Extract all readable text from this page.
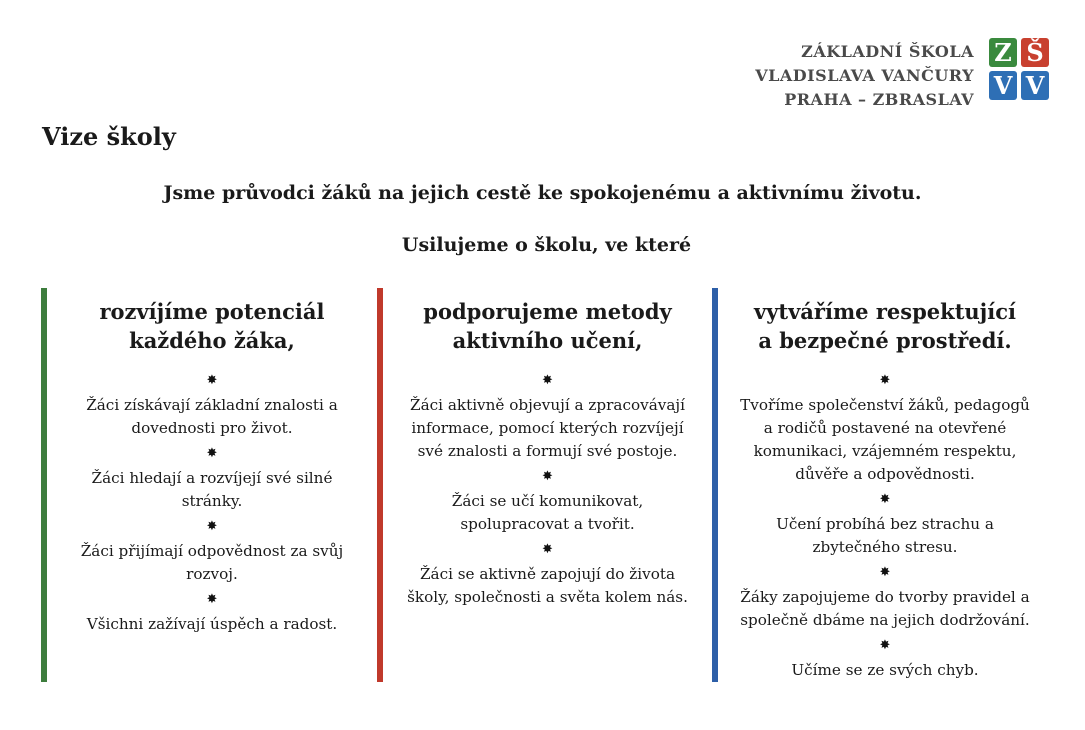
ZÁKLADNÍ ŠKOLA
VLADISLAVA VANČURY
PRAHA – ZBRASLAV
Z Š
V V
Vize školy
Jsme průvodci žáků na jejich cestě ke spokojenému a aktivnímu životu.
Usilujeme o školu, ve které
rozvíjíme potenciál
každého žáka,
✸
Žáci získávají základní znalosti a dovednosti pro život.
✸
Žáci hledají a rozvíjejí své silné stránky.
✸
Žáci přijímají odpovědnost za svůj rozvoj.
✸
Všichni zažívají úspěch a radost.
podporujeme metody
aktivního učení,
✸
Žáci aktivně objevují a zpracovávají informace, pomocí kterých rozvíjejí své znalosti a formují své postoje.
✸
Žáci se učí komunikovat, spolupracovat a tvořit.
✸
Žáci se aktivně zapojují do života školy, společnosti a světa kolem nás.
vytváříme respektující
a bezpečné prostředí.
✸
Tvoříme společenství žáků, pedagogů a rodičů postavené na otevřené komunikaci, vzájemném respektu, důvěře a odpovědnosti.
✸
Učení probíhá bez strachu a zbytečného stresu.
✸
Žáky zapojujeme do tvorby pravidel a společně dbáme na jejich dodržování.
✸
Učíme se ze svých chyb.
